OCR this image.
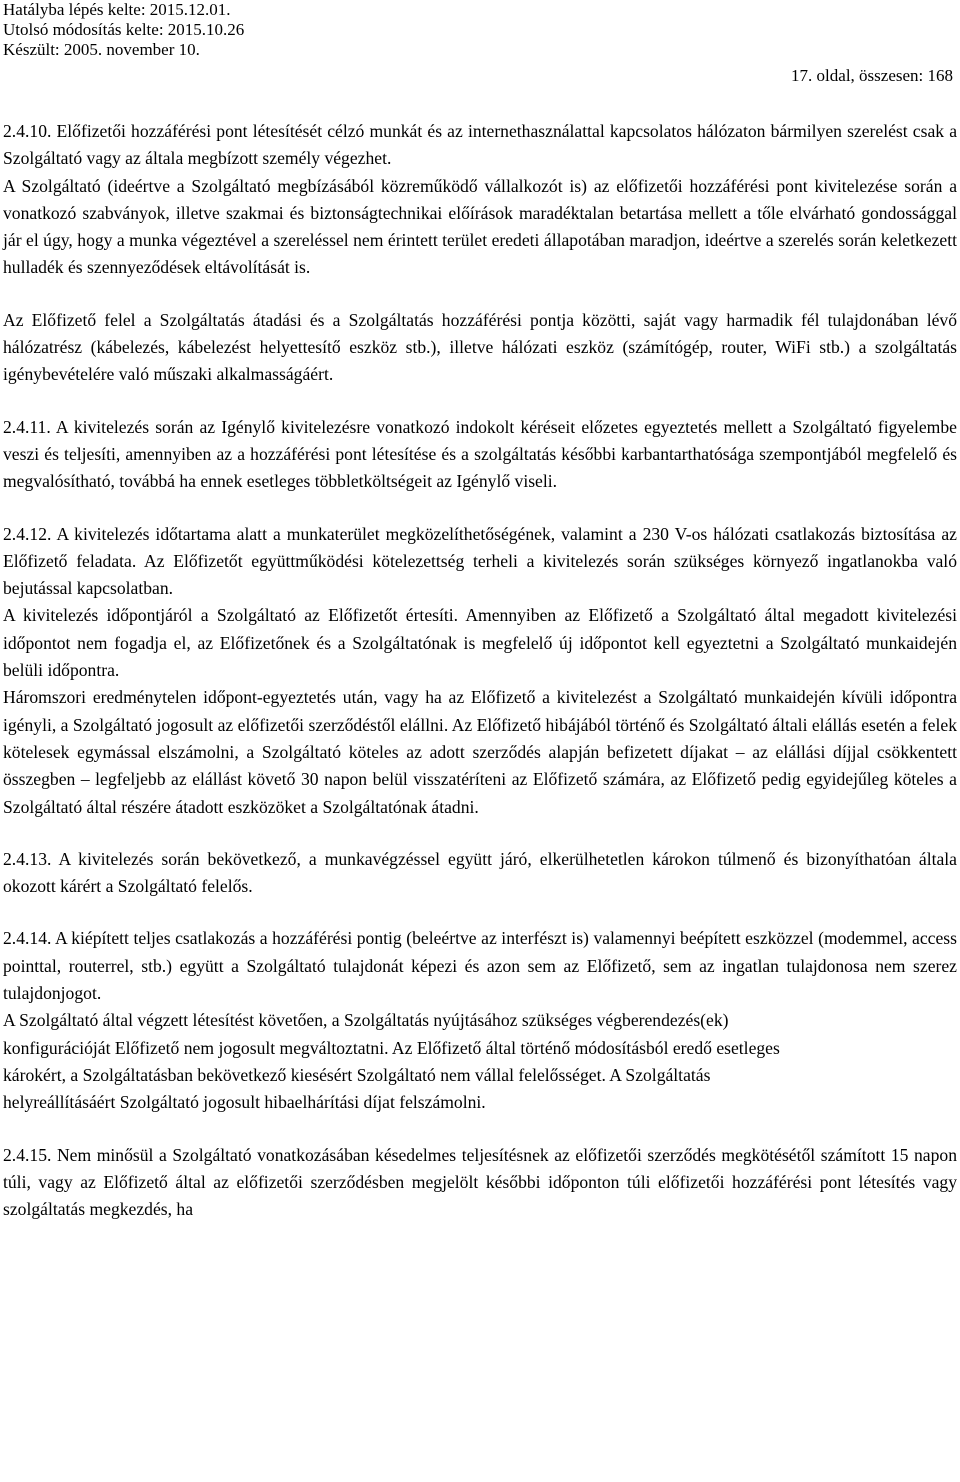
Hatályba lépés kelte: 2015.12.01.
Utolsó módosítás kelte: 2015.10.26
Készült: 2005. november 10.
17. oldal, összesen: 168

2.4.10. Előfizetői hozzáférési pont létesítését célzó munkát és az internethasználattal kapcsolatos hálózaton bármilyen szerelést csak a Szolgáltató vagy az általa megbízott személy végezhet.

A Szolgáltató (ideértve a Szolgáltató megbízásából közreműködő vállalkozót is) az előfizetői hozzáférési pont kivitelezése során a vonatkozó szabványok, illetve szakmai és biztonságtechnikai előírások maradéktalan betartása mellett a tőle elvárható gondossággal jár el úgy, hogy a munka végeztével a szereléssel nem érintett terület eredeti állapotában maradjon, ideértve a szerelés során keletkezett hulladék és szennyeződések eltávolítását is.

Az Előfizető felel a Szolgáltatás átadási és a Szolgáltatás hozzáférési pontja közötti, saját vagy harmadik fél tulajdonában lévő hálózatrész (kábelezés, kábelezést helyettesítő eszköz stb.), illetve hálózati eszköz (számítógép, router, WiFi stb.) a szolgáltatás igénybevételére való műszaki alkalmasságáért.

2.4.11. A kivitelezés során az Igénylő kivitelezésre vonatkozó indokolt kéréseit előzetes egyeztetés mellett a Szolgáltató figyelembe veszi és teljesíti, amennyiben az a hozzáférési pont létesítése és a szolgáltatás későbbi karbantarthatósága szempontjából megfelelő és megvalósítható, továbbá ha ennek esetleges többletköltségeit az Igénylő viseli.

2.4.12. A kivitelezés időtartama alatt a munkaterület megközelíthetőségének, valamint a 230 V-os hálózati csatlakozás biztosítása az Előfizető feladata. Az Előfizetőt együttműködési kötelezettség terheli a kivitelezés során szükséges környező ingatlanokba való bejutással kapcsolatban.

A kivitelezés időpontjáról a Szolgáltató az Előfizetőt értesíti. Amennyiben az Előfizető a Szolgáltató által megadott kivitelezési időpontot nem fogadja el, az Előfizetőnek és a Szolgáltatónak is megfelelő új időpontot kell egyeztetni a Szolgáltató munkaidején belüli időpontra.

Háromszori eredménytelen időpont-egyeztetés után, vagy ha az Előfizető a kivitelezést a Szolgáltató munkaidején kívüli időpontra igényli, a Szolgáltató jogosult az előfizetői szerződéstől elállni. Az Előfizető hibájából történő és Szolgáltató általi elállás esetén a felek kötelesek egymással elszámolni, a Szolgáltató köteles az adott szerződés alapján befizetett díjakat – az elállási díjjal csökkentett összegben – legfeljebb az elállást követő 30 napon belül visszatéríteni az Előfizető számára, az Előfizető pedig egyidejűleg köteles a Szolgáltató által részére átadott eszközöket a Szolgáltatónak átadni.

2.4.13. A kivitelezés során bekövetkező, a munkavégzéssel együtt járó, elkerülhetetlen károkon túlmenő és bizonyíthatóan általa okozott kárért a Szolgáltató felelős.

2.4.14. A kiépített teljes csatlakozás a hozzáférési pontig (beleértve az interfészt is) valamennyi beépített eszközzel (modemmel, access pointtal, routerrel, stb.) együtt a Szolgáltató tulajdonát képezi és azon sem az Előfizető, sem az ingatlan tulajdonosa nem szerez tulajdonjogot.

A Szolgáltató által végzett létesítést követően, a Szolgáltatás nyújtásához szükséges végberendezés(ek)

konfigurációját Előfizető nem jogosult megváltoztatni. Az Előfizető által történő módosításból eredő esetleges

károkért, a Szolgáltatásban bekövetkező kiesésért Szolgáltató nem vállal felelősséget. A Szolgáltatás

helyreállításáért Szolgáltató jogosult hibaelhárítási díjat felszámolni.

2.4.15. Nem minősül a Szolgáltató vonatkozásában késedelmes teljesítésnek az előfizetői szerződés megkötésétől számított 15 napon túli, vagy az Előfizető által az előfizetői szerződésben megjelölt későbbi időponton túli előfizetői hozzáférési pont létesítés vagy szolgáltatás megkezdés, ha
